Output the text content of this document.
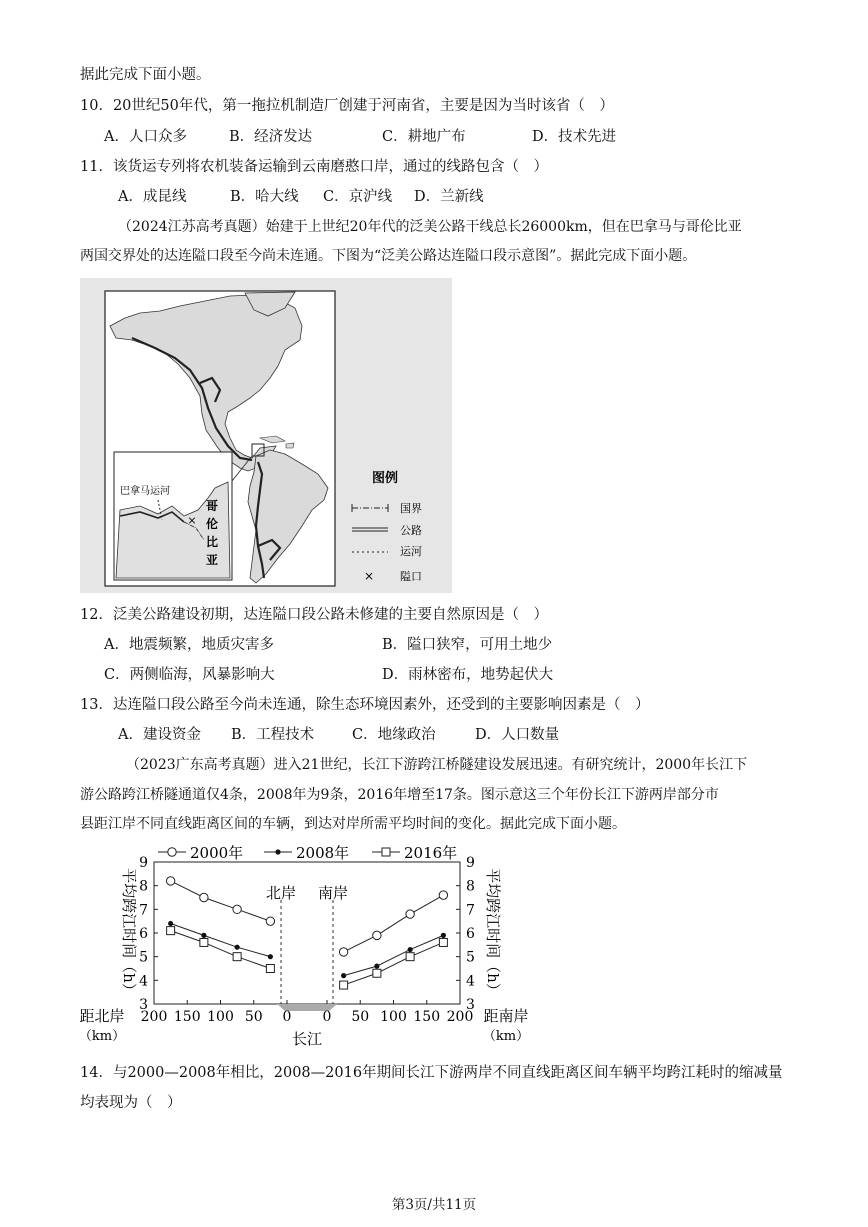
据此完成下面小题。
10．20世纪50年代，第一拖拉机制造厂创建于河南省，主要是因为当时该省（　）
A．人口众多	B．经济发达	C．耕地广布	D．技术先进
11．该货运专列将农机装备运输到云南磨憨口岸，通过的线路包含（　）
A．成昆线	B．哈大线 C．京沪线 D．兰新线
（2024江苏高考真题）始建于上世纪20年代的泛美公路干线总长26000km，但在巴拿马与哥伦比亚
两国交界处的达连隘口段至今尚未连通。下图为“泛美公路达连隘口段示意图”。据此完成下面小题。
×
巴拿马运河
哥
伦
比
亚
图例
国界
公路
运河
× 隘口
12．泛美公路建设初期，达连隘口段公路未修建的主要自然原因是（　）
A．地震频繁，地质灾害多	B．隘口狭窄，可用土地少
C．两侧临海，风暴影响大	D．雨林密布，地势起伏大
13．达连隘口段公路至今尚未连通，除生态环境因素外，还受到的主要影响因素是（　）
A．建设资金 B．工程技术	C．地缘政治	D．人口数量
（2023广东高考真题）进入21世纪，长江下游跨江桥隧建设发展迅速。有研究统计，2000年长江下
游公路跨江桥隧通道仅4条，2008年为9条，2016年增至17条。图示意这三个年份长江下游两岸部分市
县距江岸不同直线距离区间的车辆，到达对岸所需平均时间的变化。据此完成下面小题。
北岸 南岸
3	3
4	4
5	5
6	6
7	7
8	8
9	9
平均跨江时间（h）	平均跨江时间（h）
200 150 100 50 0 0 50 100 150 200
距北岸
（km）
距南岸
（km）
长江
2000年	2008年	2016年
14．与2000—2008年相比，2008—2016年期间长江下游两岸不同直线距离区间车辆平均跨江耗时的缩减量
均表现为（　）
第3页/共11页
